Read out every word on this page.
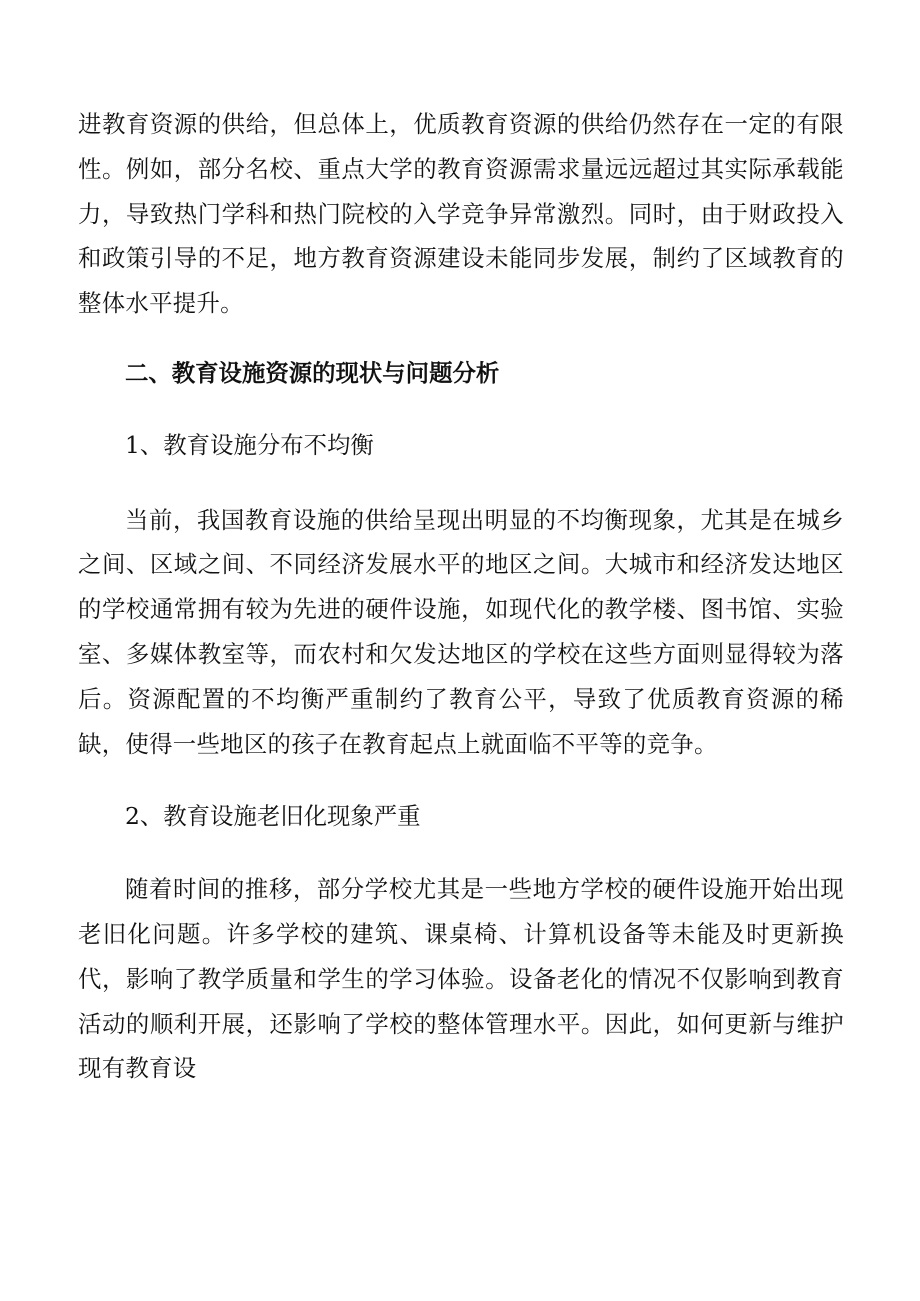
进教育资源的供给，但总体上，优质教育资源的供给仍然存在一定的有限性。例如，部分名校、重点大学的教育资源需求量远远超过其实际承载能力，导致热门学科和热门院校的入学竞争异常激烈。同时，由于财政投入和政策引导的不足，地方教育资源建设未能同步发展，制约了区域教育的整体水平提升。

二、教育设施资源的现状与问题分析

1、教育设施分布不均衡

当前，我国教育设施的供给呈现出明显的不均衡现象，尤其是在城乡之间、区域之间、不同经济发展水平的地区之间。大城市和经济发达地区的学校通常拥有较为先进的硬件设施，如现代化的教学楼、图书馆、实验室、多媒体教室等，而农村和欠发达地区的学校在这些方面则显得较为落后。资源配置的不均衡严重制约了教育公平，导致了优质教育资源的稀缺，使得一些地区的孩子在教育起点上就面临不平等的竞争。

2、教育设施老旧化现象严重

随着时间的推移，部分学校尤其是一些地方学校的硬件设施开始出现老旧化问题。许多学校的建筑、课桌椅、计算机设备等未能及时更新换代，影响了教学质量和学生的学习体验。设备老化的情况不仅影响到教育活动的顺利开展，还影响了学校的整体管理水平。因此，如何更新与维护现有教育设
